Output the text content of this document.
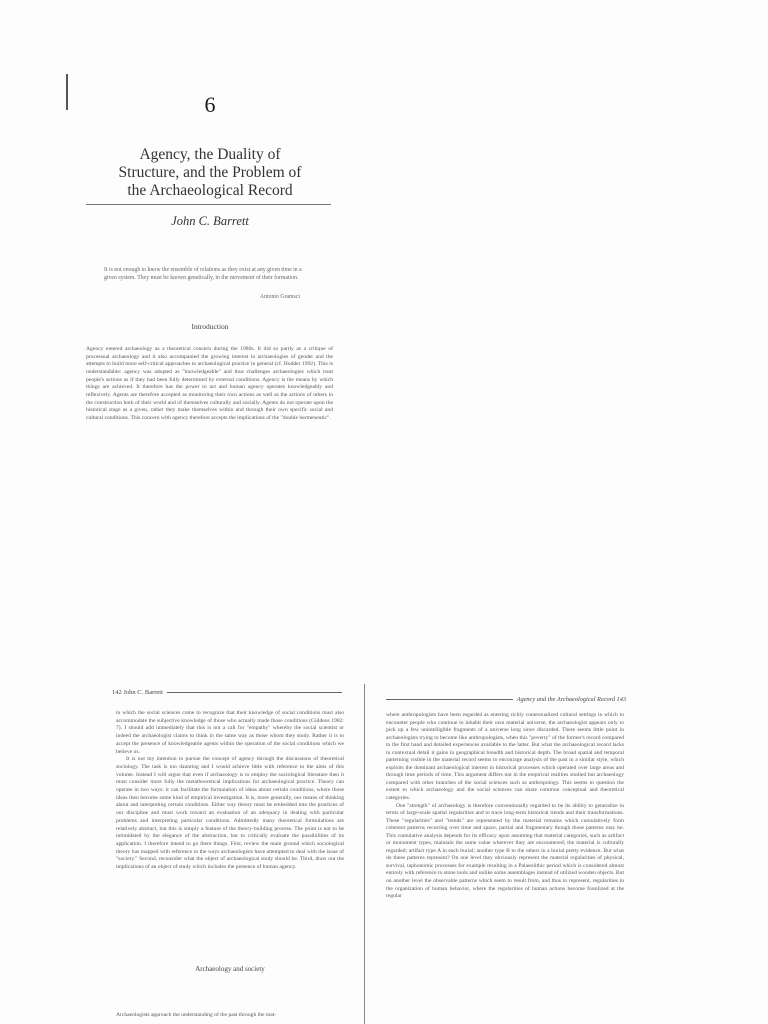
6
Agency, the Duality of
Structure, and the Problem of
the Archaeological Record
John C. Barrett
It is not enough to know the ensemble of relations as they exist at any given time in a given system. They must be known genetically, in the movement of their formation.
Antonio Gramsci
Introduction
Agency entered archaeology as a theoretical concern during the 1980s. It did so partly as a critique of processual archaeology and it also accompanied the growing interest in archaeologies of gender and the attempts to build more self-critical approaches to archaeological practice in general (cf. Hodder 1992). This is understandable: agency was adopted as "knowledgeable" and thus challenges archaeologies which treat people's actions as if they had been fully determined by external conditions. Agency is the means by which things are achieved. It therefore has the power to act and human agency operates knowledgeably and reflexively. Agents are therefore accepted as monitoring their own actions as well as the actions of others in the construction both of their world and of themselves culturally and socially. Agents do not operate upon the historical stage as a given, rather they make themselves within and through their own specific social and cultural conditions. This concern with agency therefore accepts the implications of the "double hermeneutic".
142 John C. Barrett

in which the social sciences come to recognize that their knowledge of social conditions must also accommodate the subjective knowledge of those who actually made those conditions (Giddens 1982: 7). I should add immediately that this is not a call for "empathy" whereby the social scientist or indeed the archaeologist claims to think in the same way as those whom they study. Rather it is to accept the presence of knowledgeable agents within the operation of the social conditions which we believe us.

It is not my intention to pursue the concept of agency through the discussions of theoretical sociology. The task is too daunting and I would achieve little with reference to the aims of this volume. Instead I will argue that even if archaeology is to employ the sociological literature then it must consider more fully the metatheoretical implications for archaeological practice. Theory can operate in two ways: it can facilitate the formulation of ideas about certain conditions, where those ideas then become some kind of empirical investigation. It is, more generally, our means of thinking about and interpreting certain conditions. Either way theory must be embedded into the practices of our discipline and must work toward an evaluation of an adequacy in dealing with particular problems and interpreting particular conditions. Admittedly many theoretical formulations are relatively abstract, but this is simply a feature of the theory-building process. The point is not to be intimidated by the elegance of the abstraction, but to critically evaluate the possibilities of its application. I therefore intend to go there things. First, review the main ground which sociological theory has mapped with reference to the ways archaeologists have attempted to deal with the issue of "society." Second, reconsider what the object of archaeological study should be. Third, draw out the implications of an object of study which includes the presence of human agency.

Archaeology and society
Archaeologists approach the understanding of the past through the mat-
Agency and the Archaeological Record 143

where anthropologists have been regarded as entering richly contextualized cultural settings in which to encounter people who continue to inhabit their own material universe, the archaeologist appears only to pick up a few unintelligible fragments of a universe long since discarded. There seems little point in archaeologists trying to become like anthropologists, when this "poverty" of the former's record compared to the first hand and detailed experiences available to the latter. But what the archaeological record lacks in contextual detail it gains in geographical breadth and historical depth. The broad spatial and temporal patterning visible in the material record seems to encourage analysis of the past in a similar style, which exploits the dominant archaeological interest in historical processes which operated over large areas and through time periods of time. This argument differs not in the empirical realities studied but archaeology compared with other branches of the social sciences such as anthropology. This seems to question the extent to which archaeology and the social sciences can share common conceptual and theoretical categories.

One "strength" of archaeology is therefore conventionally regarded to be its ability to generalize in terms of large-scale spatial regularities and to trace long-term historical trends and their transformations. These "regularities" and "trends" are represented by the material remains which cumulatively form coherent patterns recurring over time and space, partial and fragmentary though those patterns may be. This cumulative analysis depends for its efficacy upon assuming that material categories, such as artifact or monument types, maintain the same value wherever they are encountered; the material is culturally regarded; artifact type A in each burial; another type B to the others in a burial pretty evidence. But what do these patterns represent? On one level they obviously represent the material regularities of physical, survival, taphonomic processes for example resulting in a Palaeolithic period which is considered almost entirely with reference to stone tools and unlike some assemblages instead of utilized wooden objects. But on another level the observable patterns which seem to result from, and thus to represent, regularities in the organization of human behavior, where the regularities of human actions become fossilized at the regular
